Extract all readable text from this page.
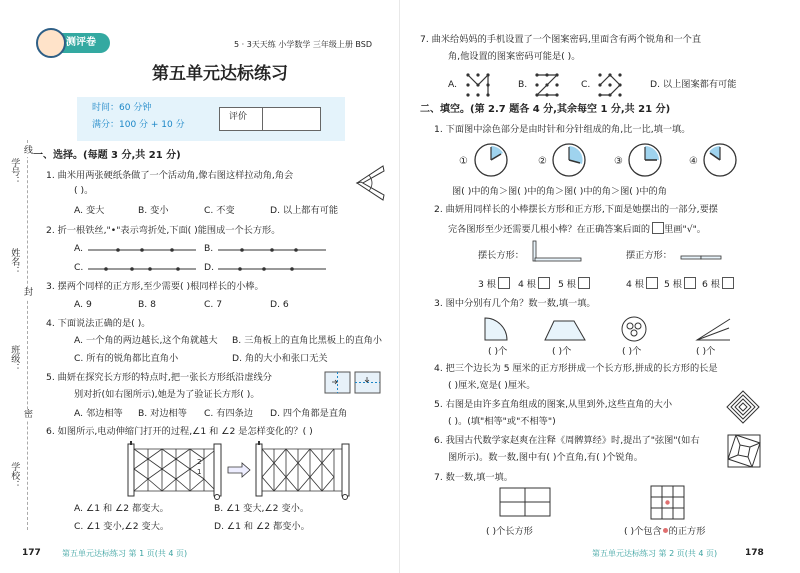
测评卷	5 · 3天天练 小学数学 三年级上册 BSD
第五单元达标练习
时间：60 分钟
满分：100 分 + 10 分
评价
学号：
线
姓名：
封
班级：
密
学校：
一、选择。(每题 3 分,共 21 分)
1. 曲米用两张硬纸条做了一个活动角,像右图这样拉动角,角会
( )。
A. 变大	B. 变小	C. 不变	D. 以上都有可能
2. 折一根铁丝,"•"表示弯折处,下面( )能围成一个长方形。
A.	B.
C.	D.
3. 摆两个同样的正方形,至少需要( )根同样长的小棒。
A. 9	B. 8	C. 7	D. 6
4. 下面说法正确的是( )。
A. 一个角的两边越长,这个角就越大 B. 三角板上的直角比黑板上的直角小
C. 所有的锐角都比直角小	D. 角的大小和张口无关
5. 曲妍在探究长方形的特点时,把一张长方形纸沿虚线分
别对折(如右图所示),她是为了验证长方形( )。
A. 邻边相等 B. 对边相等 C. 有四条边 D. 四个角都是直角
6. 如图所示,电动伸缩门打开的过程,∠1 和 ∠2 是怎样变化的？( )
1
2
A. ∠1 和 ∠2 都变大。	B. ∠1 变大,∠2 变小。
C. ∠1 变小,∠2 变大。	D. ∠1 和 ∠2 都变小。
177	第五单元达标练习 第 1 页(共 4 页)
7. 曲米给妈妈的手机设置了一个图案密码,里面含有两个锐角和一个直
角,他设置的图案密码可能是( )。
A.	B.	C.	D. 以上图案都有可能
二、填空。(第 2.7 题各 4 分,其余每空 1 分,共 21 分)
1. 下面图中涂色部分是由时针和分针组成的角,比一比,填一填。
①	②	③	④
图( )中的角＞图( )中的角＞图( )中的角＞图( )中的角
2. 曲妍用同样长的小棒摆长方形和正方形,下面是她摆出的一部分,要摆
完各图形至少还需要几根小棒？在正确答案后面的 里画"√"。
摆长方形：	摆正方形：
3 根	4 根	5 根	4 根	5 根	6 根
3. 图中分别有几个角？数一数,填一填。
( )个	( )个	( )个	( )个
4. 把三个边长为 5 厘米的正方形拼成一个长方形,拼成的长方形的长是
( )厘米,宽是( )厘米。
5. 右图是由许多直角组成的图案,从里到外,这些直角的大小
( )。(填"相等"或"不相等")
6. 我国古代数学家赵爽在注释《周髀算经》时,提出了"弦图"(如右
图所示)。数一数,图中有( )个直角,有( )个锐角。
7. 数一数,填一填。
( )个长方形	( )个包含 的正方形
第五单元达标练习 第 2 页(共 4 页)	178
